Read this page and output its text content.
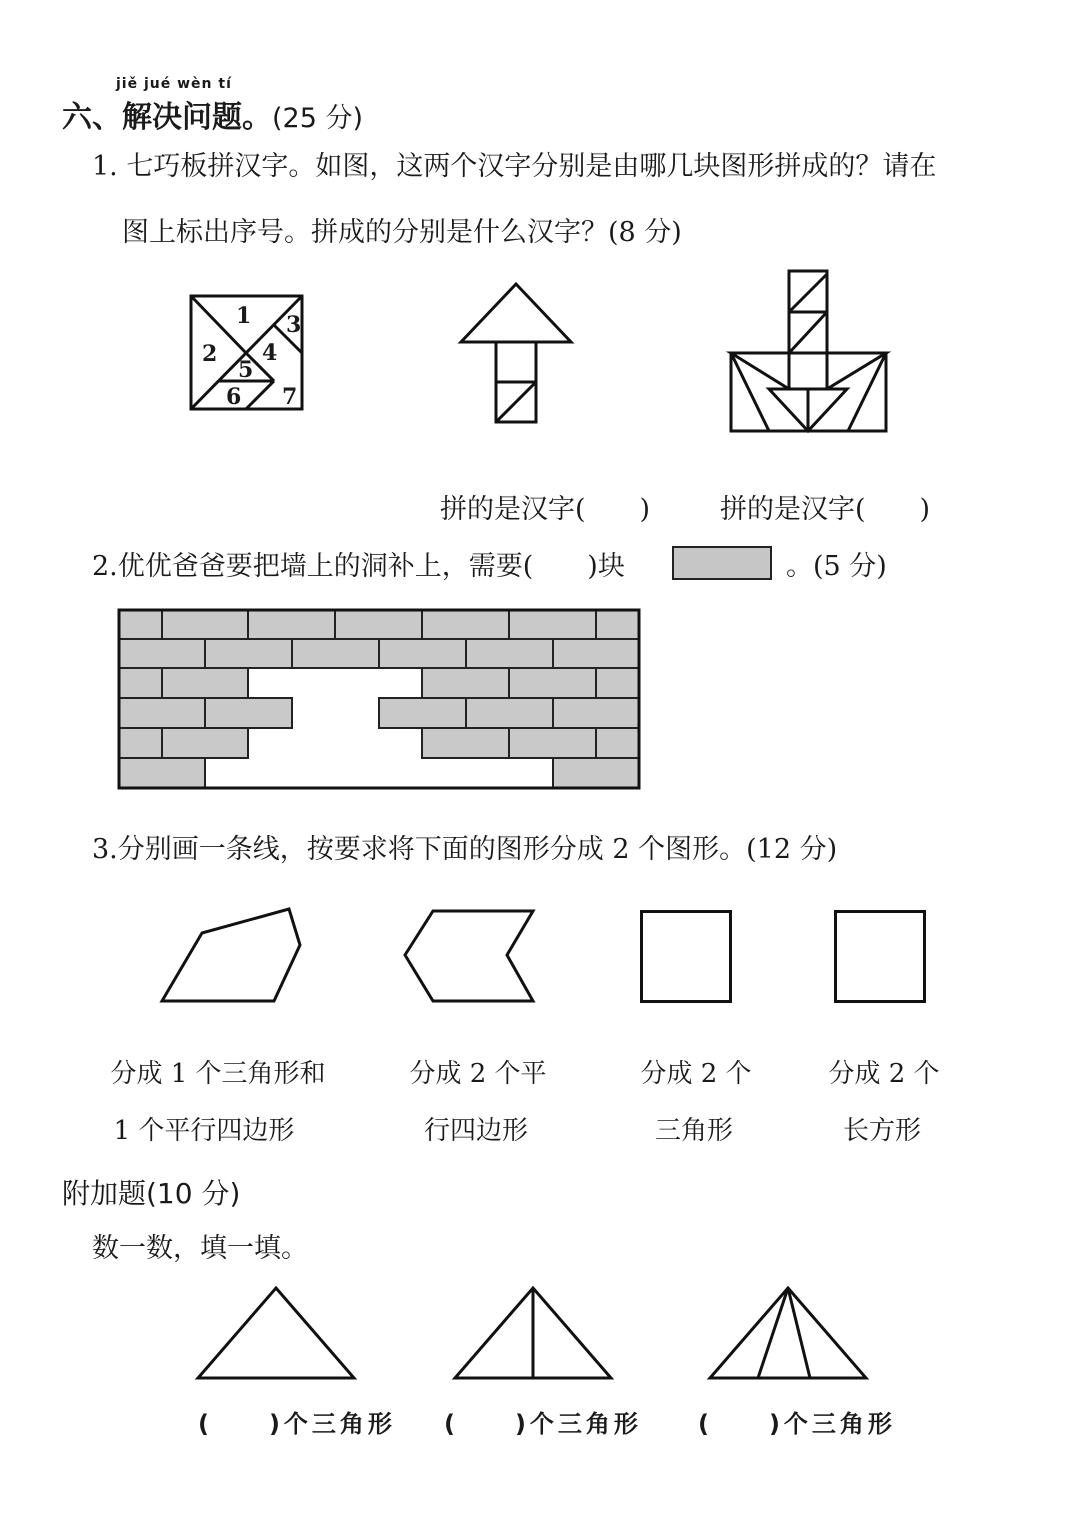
jiě jué wèn tí
六、解决问题。(25 分)
1. 七巧板拼汉字。如图，这两个汉字分别是由哪几块图形拼成的？请在
图上标出序号。拼成的分别是什么汉字？(8 分)
1
2
3
4
5
6 7
拼的是汉字(　　)	拼的是汉字(　　)
2.优优爸爸要把墙上的洞补上，需要(　　)块	。(5 分)
3.分别画一条线，按要求将下面的图形分成 2 个图形。(12 分)
分成 1 个三角形和
1 个平行四边形
分成 2 个平
行四边形
分成 2 个
三角形
分成 2 个
长方形
附加题(10 分)
数一数，填一填。
(　　)个三角形 (　　)个三角形 (　　)个三角形
